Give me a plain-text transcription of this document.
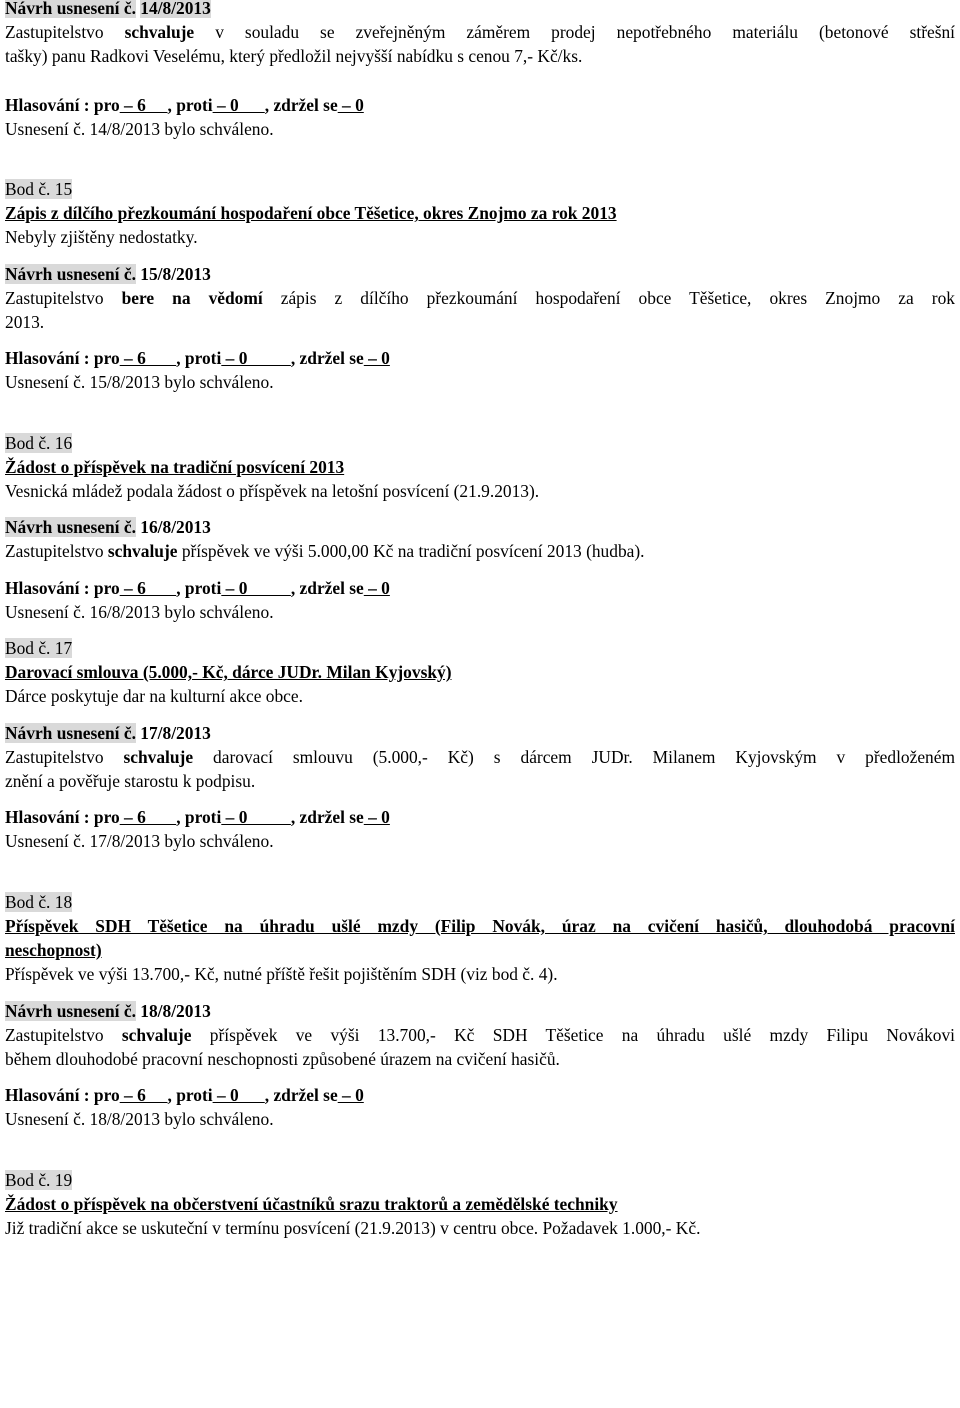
Návrh usnesení č. 14/8/2013
Zastupitelstvo schvaluje v souladu se zveřejněným záměrem prodej nepotřebného materiálu (betonové střešní
tašky) panu Radkovi Veselému, který předložil nejvyšší nabídku s cenou 7,- Kč/ks.
Hlasování : pro – 6     , proti – 0      , zdržel se – 0
Usnesení č. 14/8/2013 bylo schváleno.
Bod č. 15
Zápis z dílčího přezkoumání hospodaření obce Těšetice, okres Znojmo za rok 2013
Nebyly zjištěny nedostatky.
Návrh usnesení č. 15/8/2013
Zastupitelstvo bere na vědomí zápis z dílčího přezkoumání hospodaření obce Těšetice, okres Znojmo za rok
2013.
Hlasování : pro – 6       , proti – 0          , zdržel se – 0
Usnesení č. 15/8/2013 bylo schváleno.
Bod č. 16
Žádost o příspěvek na tradiční posvícení 2013
Vesnická mládež podala žádost o příspěvek na letošní posvícení (21.9.2013).
Návrh usnesení č. 16/8/2013
Zastupitelstvo schvaluje příspěvek ve výši 5.000,00 Kč na tradiční posvícení 2013 (hudba).
Hlasování : pro – 6       , proti – 0          , zdržel se – 0
Usnesení č. 16/8/2013 bylo schváleno.
Bod č. 17
Darovací smlouva (5.000,- Kč, dárce JUDr. Milan Kyjovský)
Dárce poskytuje dar na kulturní akce obce.
Návrh usnesení č. 17/8/2013
Zastupitelstvo schvaluje darovací smlouvu (5.000,- Kč) s dárcem JUDr. Milanem Kyjovským v předloženém
znění a pověřuje starostu k podpisu.
Hlasování : pro – 6       , proti – 0          , zdržel se – 0
Usnesení č. 17/8/2013 bylo schváleno.
Bod č. 18
Příspěvek SDH Těšetice na úhradu ušlé mzdy (Filip Novák, úraz na cvičení hasičů, dlouhodobá pracovní
neschopnost)
Příspěvek ve výši 13.700,- Kč, nutné příště řešit pojištěním SDH (viz bod č. 4).
Návrh usnesení č. 18/8/2013
Zastupitelstvo schvaluje příspěvek ve výši 13.700,- Kč SDH Těšetice na úhradu ušlé mzdy Filipu Novákovi
během dlouhodobé pracovní neschopnosti způsobené úrazem na cvičení hasičů.
Hlasování : pro – 6     , proti – 0      , zdržel se – 0
Usnesení č. 18/8/2013 bylo schváleno.
Bod č. 19
Žádost o příspěvek na občerstvení účastníků srazu traktorů a zemědělské techniky
Již tradiční akce se uskuteční v termínu posvícení (21.9.2013) v centru obce. Požadavek 1.000,- Kč.
